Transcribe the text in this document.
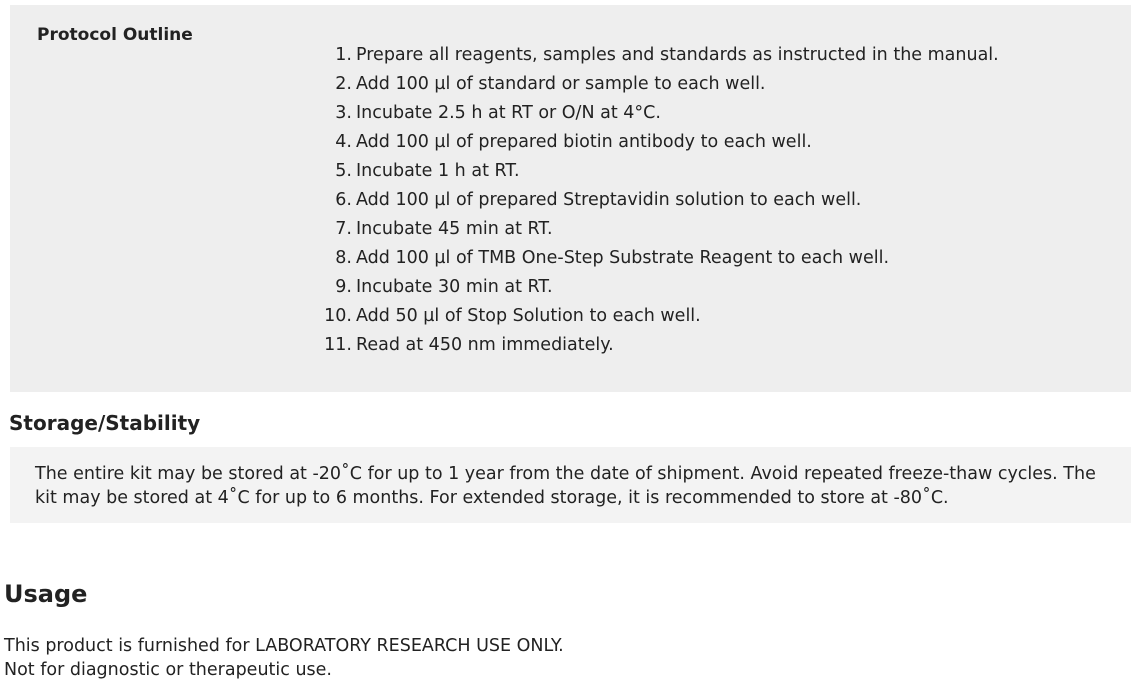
Protocol Outline
1. Prepare all reagents, samples and standards as instructed in the manual.
2. Add 100 µl of standard or sample to each well.
3. Incubate 2.5 h at RT or O/N at 4°C.
4. Add 100 µl of prepared biotin antibody to each well.
5. Incubate 1 h at RT.
6. Add 100 µl of prepared Streptavidin solution to each well.
7. Incubate 45 min at RT.
8. Add 100 µl of TMB One-Step Substrate Reagent to each well.
9. Incubate 30 min at RT.
10. Add 50 µl of Stop Solution to each well.
11. Read at 450 nm immediately.
Storage/Stability

The entire kit may be stored at -20˚C for up to 1 year from the date of shipment. Avoid repeated freeze-thaw cycles. The kit may be stored at 4˚C for up to 6 months. For extended storage, it is recommended to store at -80˚C.

Usage

This product is furnished for LABORATORY RESEARCH USE ONLY.

Not for diagnostic or therapeutic use.
